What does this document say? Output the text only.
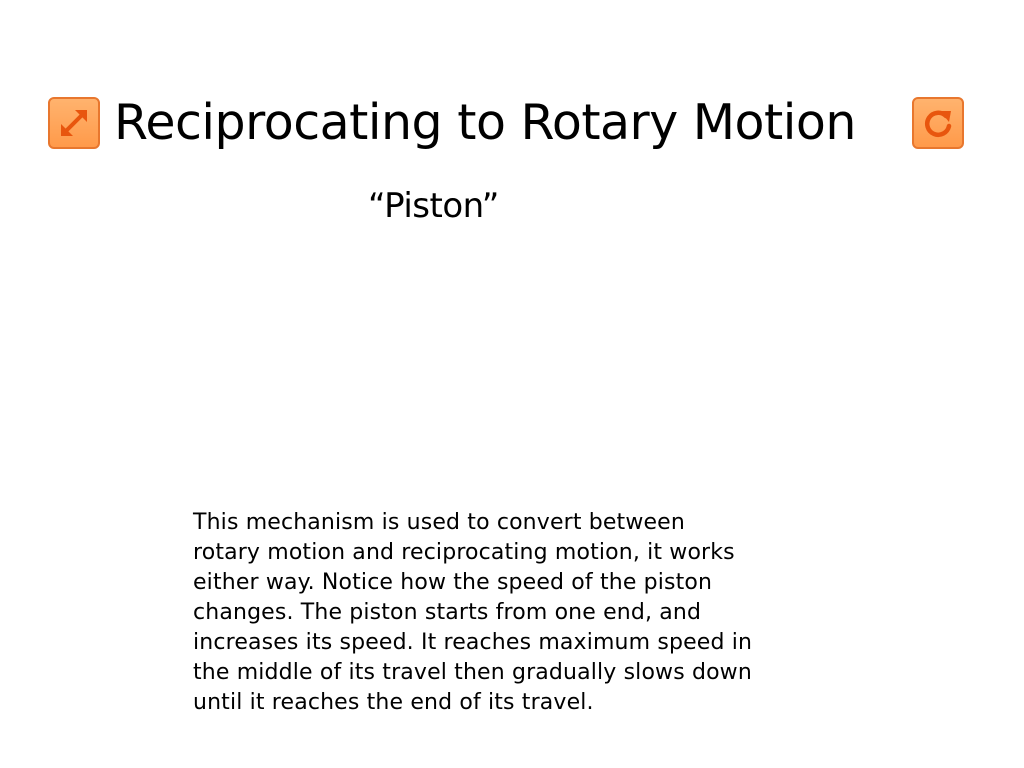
Reciprocating to Rotary Motion
“Piston”
This mechanism is used to convert between
rotary motion and reciprocating motion, it works
either way. Notice how the speed of the piston
changes. The piston starts from one end, and
increases its speed. It reaches maximum speed in
the middle of its travel then gradually slows down
until it reaches the end of its travel.
